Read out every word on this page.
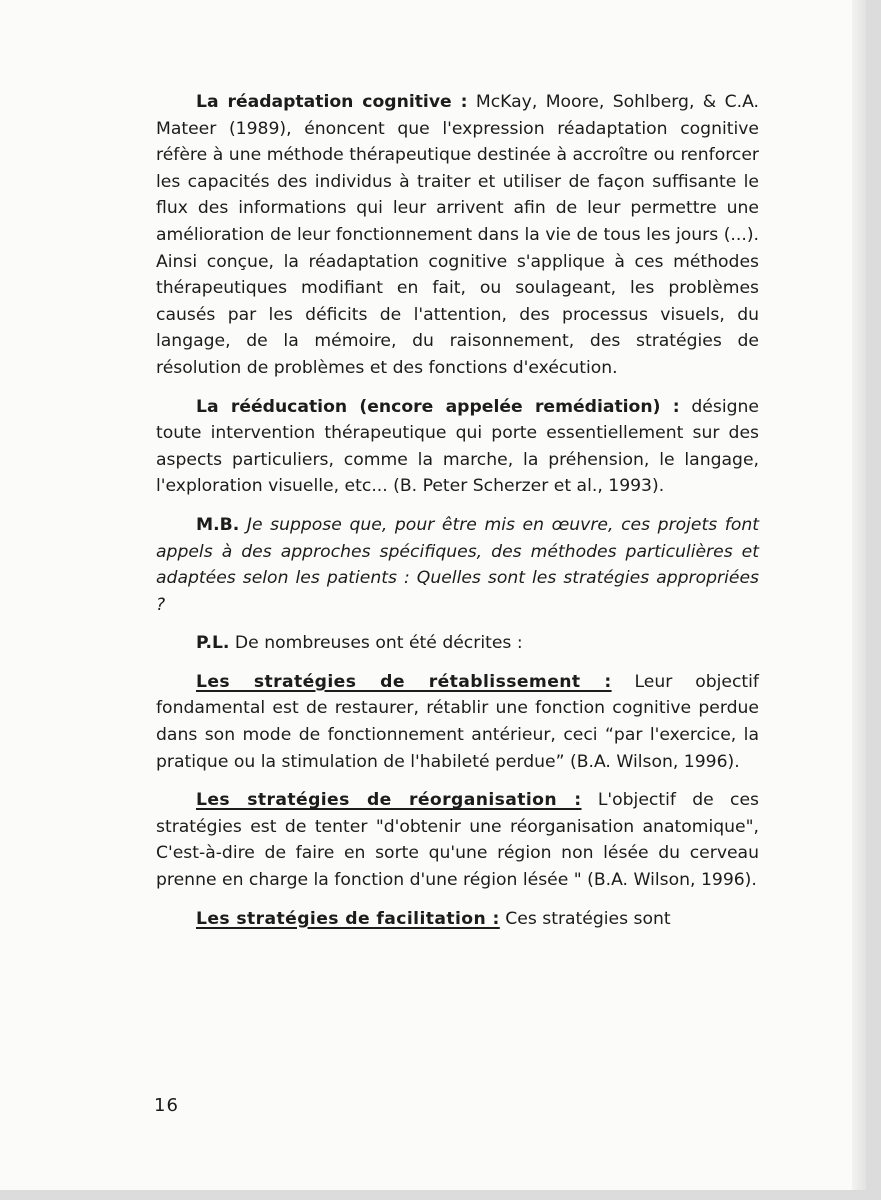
La réadaptation cognitive : McKay, Moore, Sohlberg, & C.A. Mateer (1989), énoncent que l'expression réadaptation cognitive réfère à une méthode thérapeutique destinée à accroître ou renforcer les capacités des individus à traiter et utiliser de façon suffisante le flux des informations qui leur arrivent afin de leur permettre une amélioration de leur fonctionnement dans la vie de tous les jours (...). Ainsi conçue, la réadaptation cognitive s'applique à ces méthodes thérapeutiques modifiant en fait, ou soulageant, les problèmes causés par les déficits de l'attention, des processus visuels, du langage, de la mémoire, du raisonnement, des stratégies de résolution de problèmes et des fonctions d'exécution.

La rééducation (encore appelée remédiation) : désigne toute intervention thérapeutique qui porte essentiellement sur des aspects particuliers, comme la marche, la préhension, le langage, l'exploration visuelle, etc... (B. Peter Scherzer et al., 1993).

M.B. Je suppose que, pour être mis en œuvre, ces projets font appels à des approches spécifiques, des méthodes particulières et adaptées selon les patients : Quelles sont les stratégies appropriées ?

P.L. De nombreuses ont été décrites :

Les stratégies de rétablissement : Leur objectif fondamental est de restaurer, rétablir une fonction cognitive perdue dans son mode de fonctionnement antérieur, ceci “par l'exercice, la pratique ou la stimulation de l'habileté perdue” (B.A. Wilson, 1996).

Les stratégies de réorganisation : L'objectif de ces stratégies est de tenter "d'obtenir une réorganisation anatomique", C'est-à-dire de faire en sorte qu'une région non lésée du cerveau prenne en charge la fonction d'une région lésée " (B.A. Wilson, 1996).

Les stratégies de facilitation : Ces stratégies sont

16
